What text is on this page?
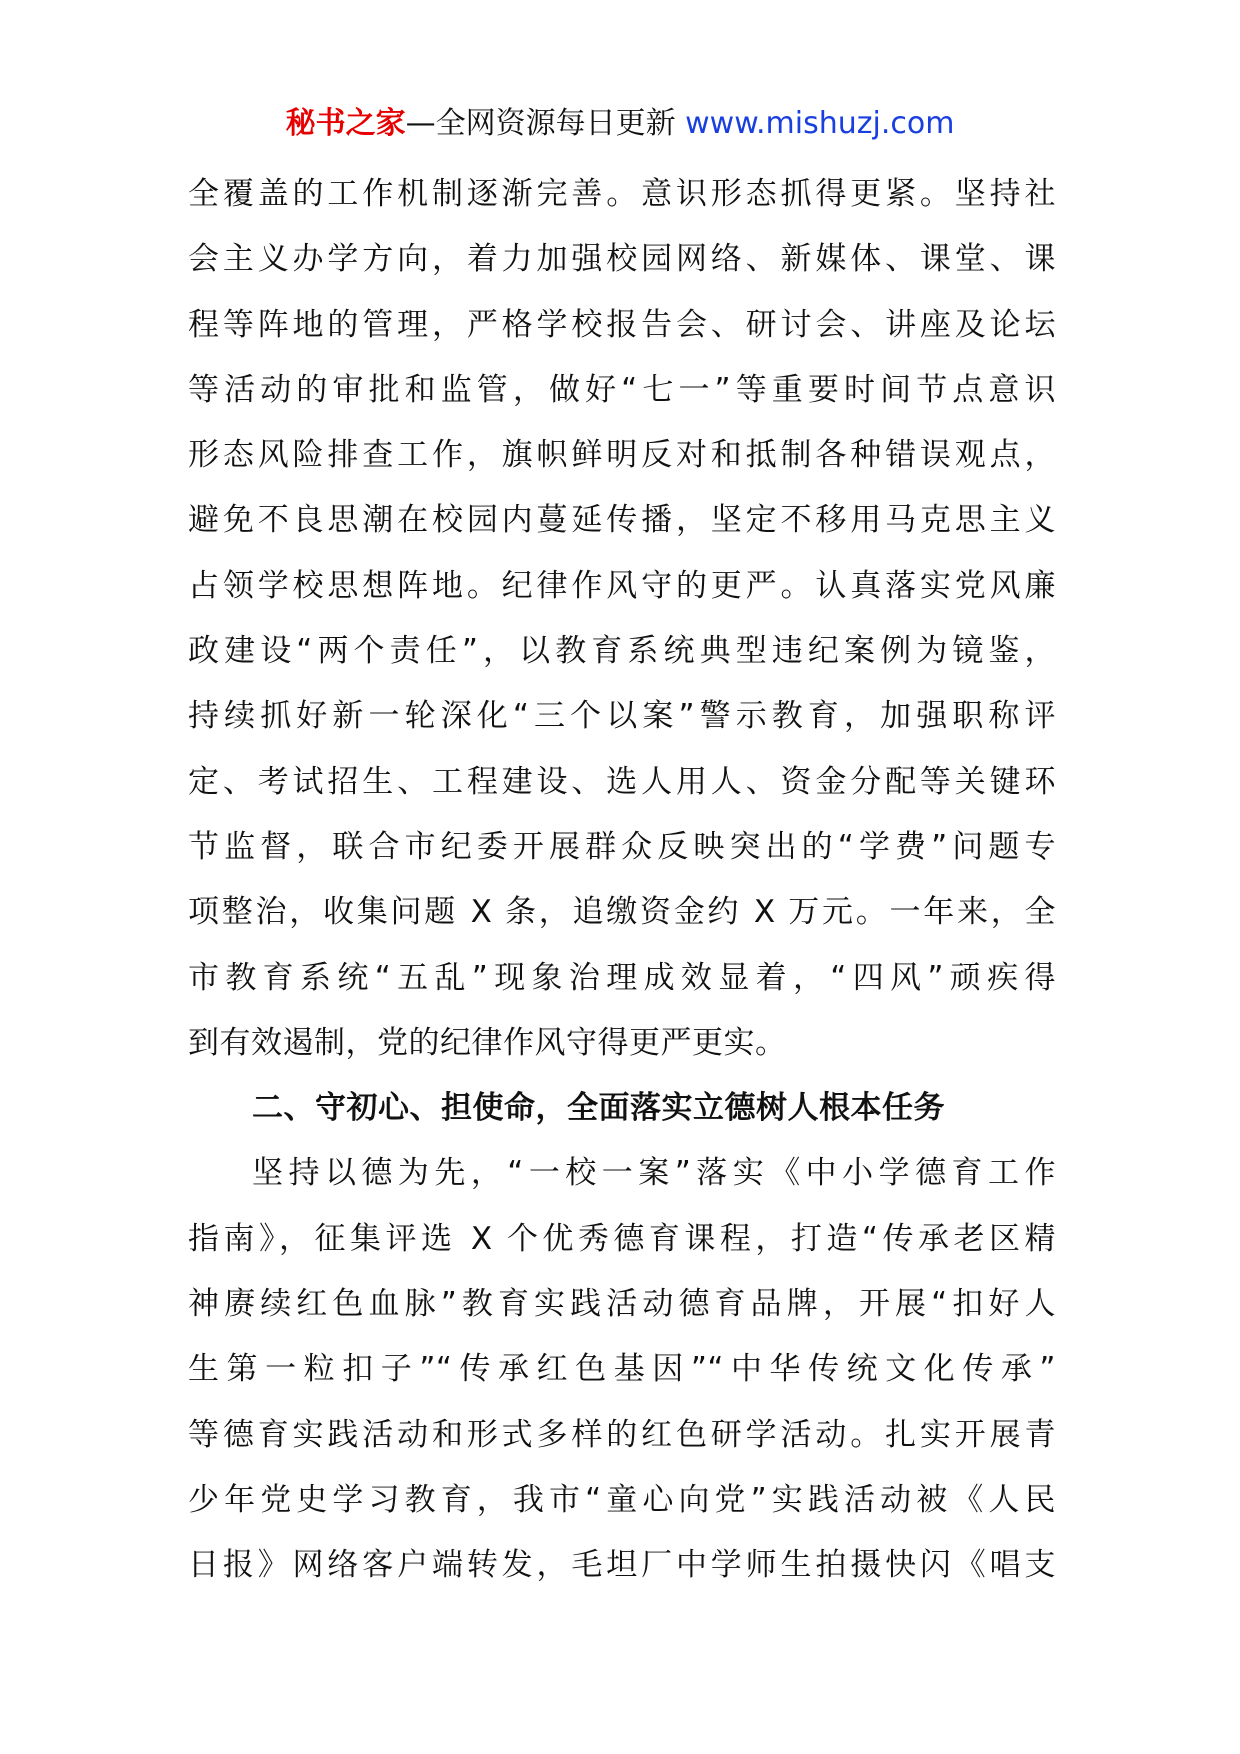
秘书之家—全网资源每日更新 www.mishuzj.com

全覆盖的工作机制逐渐完善。意识形态抓得更紧。坚持社

会主义办学方向，着力加强校园网络、新媒体、课堂、课

程等阵地的管理，严格学校报告会、研讨会、讲座及论坛

等活动的审批和监管，做好“七一”等重要时间节点意识

形态风险排查工作，旗帜鲜明反对和抵制各种错误观点，

避免不良思潮在校园内蔓延传播，坚定不移用马克思主义

占领学校思想阵地。纪律作风守的更严。认真落实党风廉

政建设“两个责任”，以教育系统典型违纪案例为镜鉴，

持续抓好新一轮深化“三个以案”警示教育，加强职称评

定、考试招生、工程建设、选人用人、资金分配等关键环

节监督，联合市纪委开展群众反映突出的“学费”问题专

项整治，收集问题 X 条，追缴资金约 X 万元。一年来，全

市教育系统“五乱”现象治理成效显着，“四风”顽疾得

到有效遏制，党的纪律作风守得更严更实。

二、守初心、担使命，全面落实立德树人根本任务

坚持以德为先，“一校一案”落实《中小学德育工作

指南》，征集评选 X 个优秀德育课程，打造“传承老区精

神赓续红色血脉”教育实践活动德育品牌，开展“扣好人

生第一粒扣子”“传承红色基因”“中华传统文化传承”

等德育实践活动和形式多样的红色研学活动。扎实开展青

少年党史学习教育，我市“童心向党”实践活动被《人民

日报》网络客户端转发，毛坦厂中学师生拍摄快闪《唱支
